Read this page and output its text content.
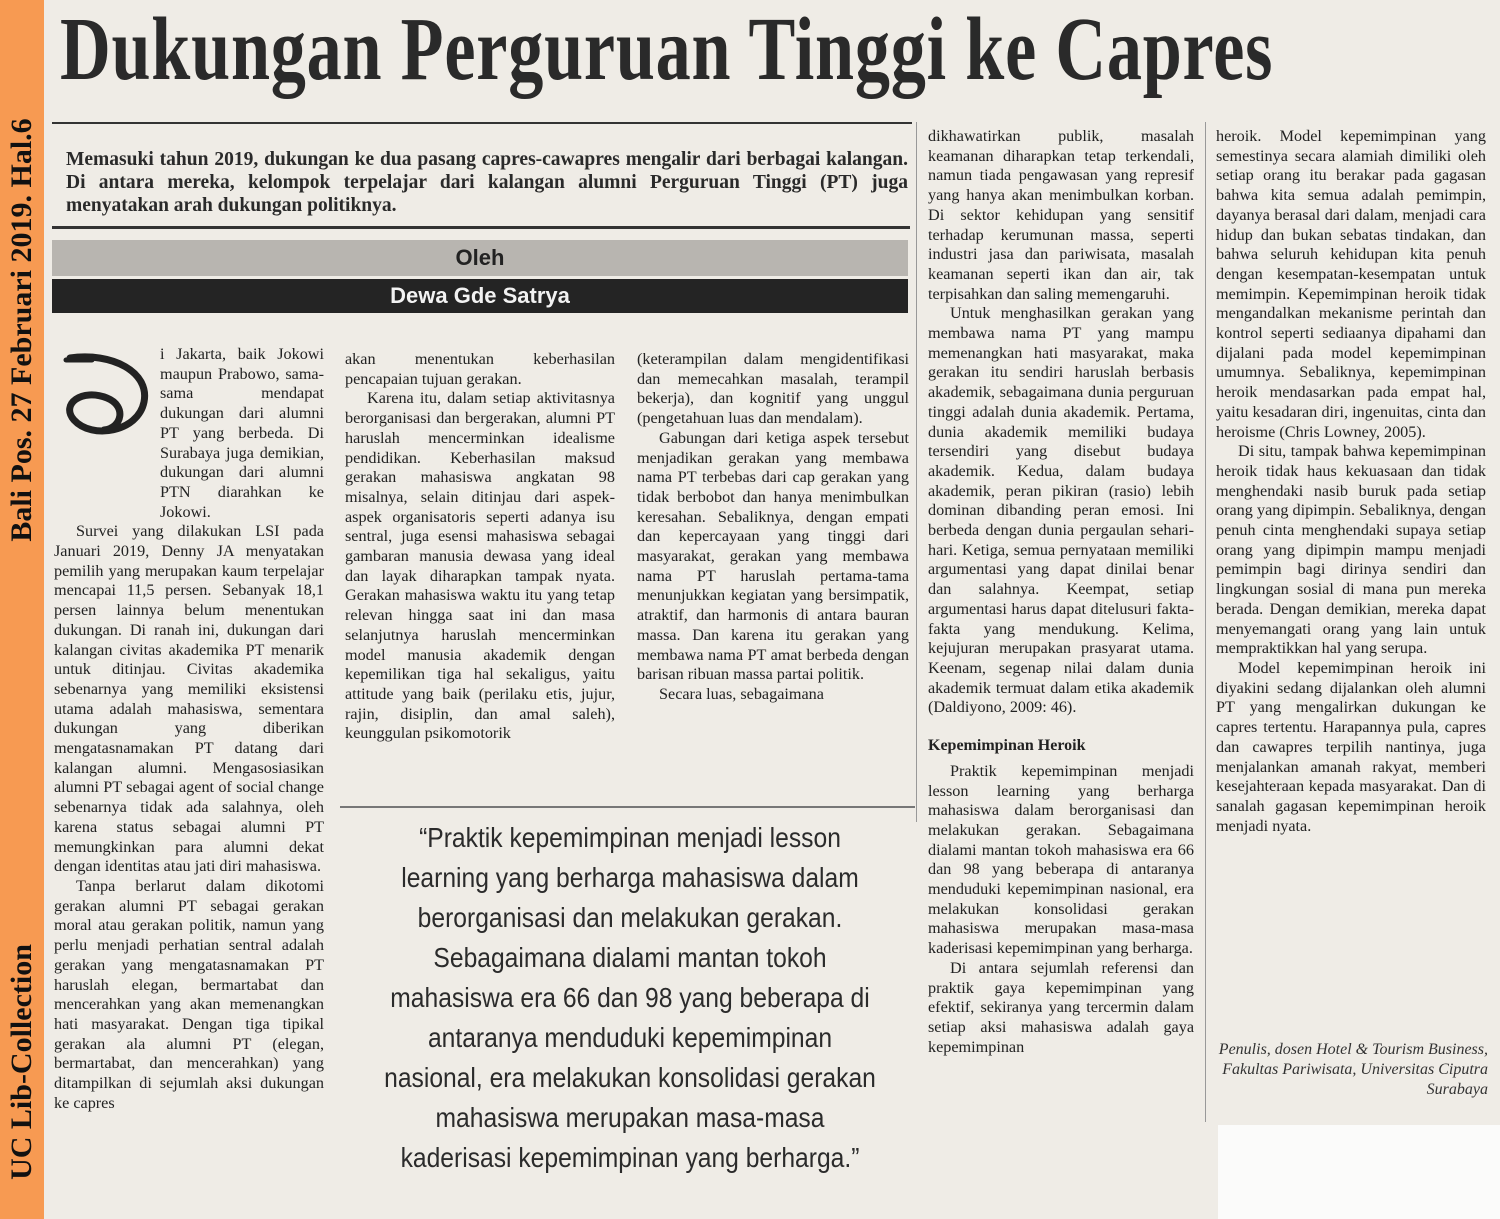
Bali Pos. 27 Februari 2019. Hal.6
UC Lib-Collection
Dukungan Perguruan Tinggi ke Capres
Memasuki tahun 2019, dukungan ke dua pasang capres-cawapres mengalir dari berbagai kalangan. Di antara mereka, kelompok terpelajar dari kalangan alumni Perguruan Tinggi (PT) juga menyatakan arah dukungan politiknya.
Oleh
Dewa Gde Satrya

i Jakarta, baik Jokowi maupun Prabowo, sama-sama mendapat dukungan dari alumni PT yang berbeda. Di Surabaya juga demikian, dukungan dari alumni PTN diarahkan ke Jokowi.

Survei yang dilakukan LSI pada Januari 2019, Denny JA menyatakan pemilih yang merupakan kaum terpelajar mencapai 11,5 persen. Sebanyak 18,1 persen lainnya belum menentukan dukungan. Di ranah ini, dukungan dari kalangan civitas akademika PT menarik untuk ditinjau. Civitas akademika sebenarnya yang memiliki eksistensi utama adalah mahasiswa, sementara dukungan yang diberikan mengatasnamakan PT datang dari kalangan alumni. Mengasosiasikan alumni PT sebagai agent of social change sebenarnya tidak ada salahnya, oleh karena status sebagai alumni PT memungkinkan para alumni dekat dengan identitas atau jati diri mahasiswa.

Tanpa berlarut dalam dikotomi gerakan alumni PT sebagai gerakan moral atau gerakan politik, namun yang perlu menjadi perhatian sentral adalah gerakan yang mengatasnamakan PT haruslah elegan, bermartabat dan mencerahkan yang akan memenangkan hati masyarakat. Dengan tiga tipikal gerakan ala alumni PT (elegan, bermartabat, dan mencerahkan) yang ditampilkan di sejumlah aksi dukungan ke capres

akan menentukan keberhasilan pencapaian tujuan gerakan.

Karena itu, dalam setiap aktivitasnya berorganisasi dan bergerakan, alumni PT haruslah mencerminkan idealisme pendidikan. Keberhasilan maksud gerakan mahasiswa angkatan 98 misalnya, selain ditinjau dari aspek-aspek organisatoris seperti adanya isu sentral, juga esensi mahasiswa sebagai gambaran manusia dewasa yang ideal dan layak diharapkan tampak nyata. Gerakan mahasiswa waktu itu yang tetap relevan hingga saat ini dan masa selanjutnya haruslah mencerminkan model manusia akademik dengan kepemilikan tiga hal sekaligus, yaitu attitude yang baik (perilaku etis, jujur, rajin, disiplin, dan amal saleh), keunggulan psikomotorik

(keterampilan dalam mengidentifikasi dan memecahkan masalah, terampil bekerja), dan kognitif yang unggul (pengetahuan luas dan mendalam).

Gabungan dari ketiga aspek tersebut menjadikan gerakan yang membawa nama PT terbebas dari cap gerakan yang tidak berbobot dan hanya menimbulkan keresahan. Sebaliknya, dengan empati dan kepercayaan yang tinggi dari masyarakat, gerakan yang membawa nama PT haruslah pertama-tama menunjukkan kegiatan yang bersimpatik, atraktif, dan harmonis di antara bauran massa. Dan karena itu gerakan yang membawa nama PT amat berbeda dengan barisan ribuan massa partai politik.

Secara luas, sebagaimana

dikhawatirkan publik, masalah keamanan diharapkan tetap terkendali, namun tiada pengawasan yang represif yang hanya akan menimbulkan korban. Di sektor kehidupan yang sensitif terhadap kerumunan massa, seperti industri jasa dan pariwisata, masalah keamanan seperti ikan dan air, tak terpisahkan dan saling memengaruhi.

Untuk menghasilkan gerakan yang membawa nama PT yang mampu memenangkan hati masyarakat, maka gerakan itu sendiri haruslah berbasis akademik, sebagaimana dunia perguruan tinggi adalah dunia akademik. Pertama, dunia akademik memiliki budaya tersendiri yang disebut budaya akademik. Kedua, dalam budaya akademik, peran pikiran (rasio) lebih dominan dibanding peran emosi. Ini berbeda dengan dunia pergaulan sehari-hari. Ketiga, semua pernyataan memiliki argumentasi yang dapat dinilai benar dan salahnya. Keempat, setiap argumentasi harus dapat ditelusuri fakta-fakta yang mendukung. Kelima, kejujuran merupakan prasyarat utama. Keenam, segenap nilai dalam dunia akademik termuat dalam etika akademik (Daldiyono, 2009: 46).

Kepemimpinan Heroik

Praktik kepemimpinan menjadi lesson learning yang berharga mahasiswa dalam berorganisasi dan melakukan gerakan. Sebagaimana dialami mantan tokoh mahasiswa era 66 dan 98 yang beberapa di antaranya menduduki kepemimpinan nasional, era melakukan konsolidasi gerakan mahasiswa merupakan masa-masa kaderisasi kepemimpinan yang berharga.

Di antara sejumlah referensi dan praktik gaya kepemimpinan yang efektif, sekiranya yang tercermin dalam setiap aksi mahasiswa adalah gaya kepemimpinan

heroik. Model kepemimpinan yang semestinya secara alamiah dimiliki oleh setiap orang itu berakar pada gagasan bahwa kita semua adalah pemimpin, dayanya berasal dari dalam, menjadi cara hidup dan bukan sebatas tindakan, dan bahwa seluruh kehidupan kita penuh dengan kesempatan-kesempatan untuk memimpin. Kepemimpinan heroik tidak mengandalkan mekanisme perintah dan kontrol seperti sediaanya dipahami dan dijalani pada model kepemimpinan umumnya. Sebaliknya, kepemimpinan heroik mendasarkan pada empat hal, yaitu kesadaran diri, ingenuitas, cinta dan heroisme (Chris Lowney, 2005).

Di situ, tampak bahwa kepemimpinan heroik tidak haus kekuasaan dan tidak menghendaki nasib buruk pada setiap orang yang dipimpin. Sebaliknya, dengan penuh cinta menghendaki supaya setiap orang yang dipimpin mampu menjadi pemimpin bagi dirinya sendiri dan lingkungan sosial di mana pun mereka berada. Dengan demikian, mereka dapat menyemangati orang yang lain untuk mempraktikkan hal yang serupa.

Model kepemimpinan heroik ini diyakini sedang dijalankan oleh alumni PT yang mengalirkan dukungan ke capres tertentu. Harapannya pula, capres dan cawapres terpilih nantinya, juga menjalankan amanah rakyat, memberi kesejahteraan kepada masyarakat. Dan di sanalah gagasan kepemimpinan heroik menjadi nyata.

Penulis, dosen Hotel & Tourism Business, Fakultas Pariwisata, Universitas Ciputra Surabaya
“Praktik kepemimpinan menjadi lesson learning yang berharga mahasiswa dalam berorganisasi dan melakukan gerakan. Sebagaimana dialami mantan tokoh mahasiswa era 66 dan 98 yang beberapa di antaranya menduduki kepemimpinan nasional, era melakukan konsolidasi gerakan mahasiswa merupakan masa-masa kaderisasi kepemimpinan yang berharga.”
